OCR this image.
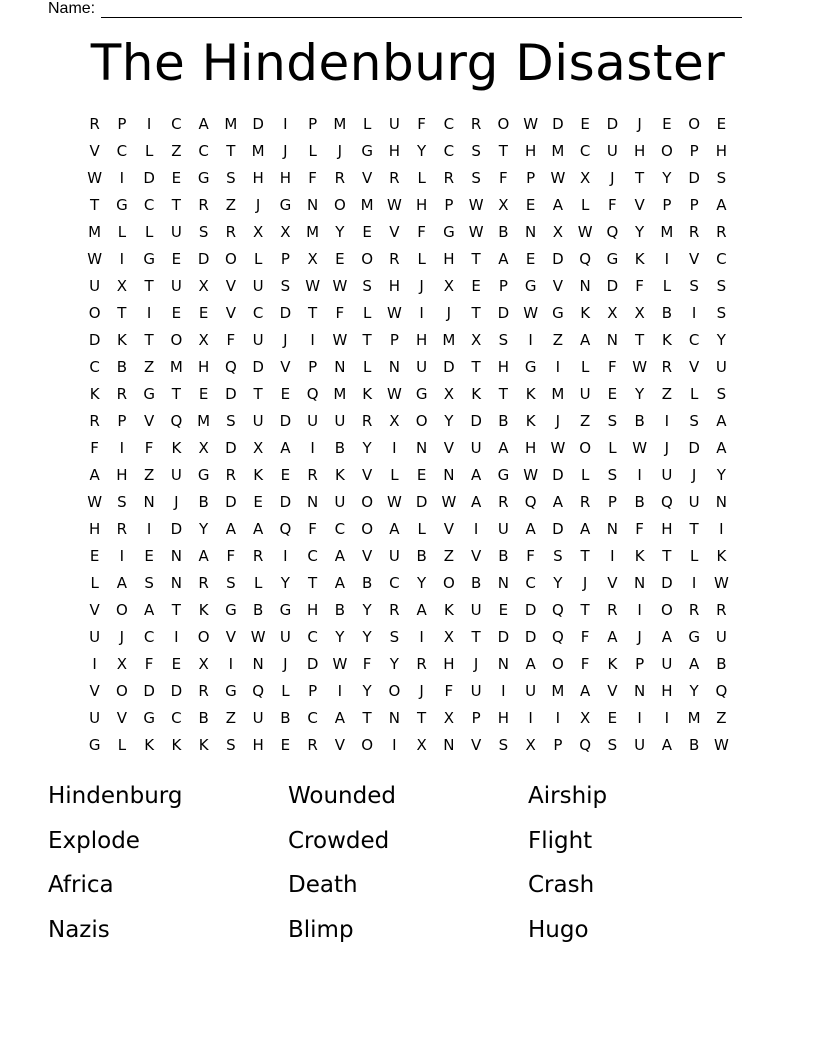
Name:
The Hindenburg Disaster
R	P	I	C	A	M	D	I	P	M	L	U	F	C	R	O W D	E	D	J	E	O	E
V	C	L	Z	C	T	M	J	L	J	G	H	Y	C	S	T	H	M	C	U	H	O	P	H
W	I	D	E	G	S	H	H	F	R	V	R	L	R	S	F	P	W X	J	T	Y	D	S
T	G	C	T	R	Z	J	G	N	O M W H	P	W X	E	A	L	F	V	P	P	A
M	L	L	U	S	R	X	X	M	Y	E	V	F	G W B	N	X W Q	Y	M	R	R
W	I	G	E	D	O	L	P	X	E	O	R	L	H	T	A	E	D	Q	G	K	I	V	C
U	X	T	U	X	V	U	S	W W	S	H	J	X	E	P	G	V	N	D	F	L	S	S
O	T	I	E	E	V	C	D	T	F	L	W	I	J	T	D W G	K	X	X	B	I	S
D	K	T	O	X	F	U	J	I	W	T	P	H	M	X	S	I	Z	A	N	T	K	C	Y
C	B	Z	M	H	Q	D	V	P	N	L	N	U	D	T	H	G	I	L	F	W R	V	U
K	R	G	T	E	D	T	E	Q M	K W G	X	K	T	K	M	U	E	Y	Z	L	S
R	P	V	Q M	S	U	D	U	U	R	X	O	Y	D	B	K	J	Z	S	B	I	S	A
F	I	F	K	X	D	X	A	I	B	Y	I	N	V	U	A	H W O	L	W	J	D	A
A	H	Z	U	G	R	K	E	R	K	V	L	E	N	A	G W D	L	S	I	U	J	Y
W	S	N	J	B	D	E	D	N	U	O W D W A	R	Q	A	R	P	B	Q	U	N
H	R	I	D	Y	A	A	Q	F	C	O	A	L	V	I	U	A	D	A	N	F	H	T	I
E	I	E	N	A	F	R	I	C	A	V	U	B	Z	V	B	F	S	T	I	K	T	L	K
L	A	S	N	R	S	L	Y	T	A	B	C	Y	O	B	N	C	Y	J	V	N	D	I	W
V	O	A	T	K	G	B	G	H	B	Y	R	A	K	U	E	D	Q	T	R	I	O	R	R
U	J	C	I	O	V W U	C	Y	Y	S	I	X	T	D	D	Q	F	A	J	A	G	U
I	X	F	E	X	I	N	J	D W	F	Y	R	H	J	N	A	O	F	K	P	U	A	B
V	O	D	D	R	G	Q	L	P	I	Y	O	J	F	U	I	U	M	A	V	N	H	Y	Q
U	V	G	C	B	Z	U	B	C	A	T	N	T	X	P	H	I	I	X	E	I	I	M	Z
G	L	K	K	K	S	H	E	R	V	O	I	X	N	V	S	X	P	Q	S	U	A	B W
Hindenburg	Wounded	Airship
Explode	Crowded	Flight
Africa	Death	Crash
Nazis	Blimp	Hugo
